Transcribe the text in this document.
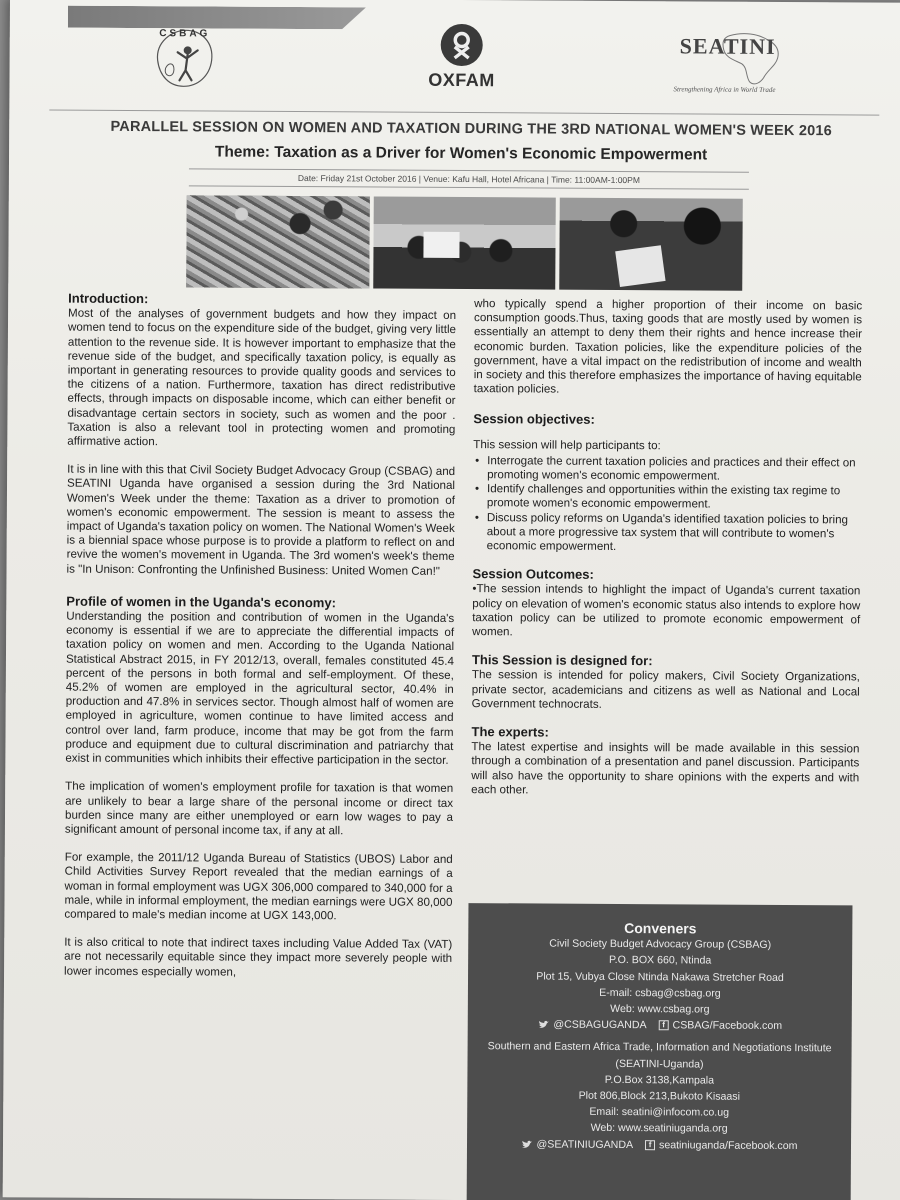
CSBAG
OXFAM
SEATINI
Strengthening Africa in World Trade
PARALLEL SESSION ON WOMEN AND TAXATION DURING THE 3RD NATIONAL WOMEN'S WEEK 2016
Theme: Taxation as a Driver for Women's Economic Empowerment
Date: Friday 21st October 2016 | Venue: Kafu Hall, Hotel Africana | Time: 11:00AM-1:00PM
Introduction:

Most of the analyses of government budgets and how they impact on women tend to focus on the expenditure side of the budget, giving very little attention to the revenue side. It is however important to emphasize that the revenue side of the budget, and specifically taxation policy, is equally as important in generating resources to provide quality goods and services to the citizens of a nation. Furthermore, taxation has direct redistributive effects, through impacts on disposable income, which can either benefit or disadvantage certain sectors in society, such as women and the poor . Taxation is also a relevant tool in protecting women and promoting affirmative action.

It is in line with this that Civil Society Budget Advocacy Group (CSBAG) and SEATINI Uganda have organised a session during the 3rd National Women's Week under the theme: Taxation as a driver to promotion of women's economic empowerment. The session is meant to assess the impact of Uganda's taxation policy on women. The National Women's Week is a biennial space whose purpose is to provide a platform to reflect on and revive the women's movement in Uganda. The 3rd women's week's theme is "In Unison: Confronting the Unfinished Business: United Women Can!"

Profile of women in the Uganda's economy:

Understanding the position and contribution of women in the Uganda's economy is essential if we are to appreciate the differential impacts of taxation policy on women and men. According to the Uganda National Statistical Abstract 2015, in FY 2012/13, overall, females constituted 45.4 percent of the persons in both formal and self-employment. Of these, 45.2% of women are employed in the agricultural sector, 40.4% in production and 47.8% in services sector. Though almost half of women are employed in agriculture, women continue to have limited access and control over land, farm produce, income that may be got from the farm produce and equipment due to cultural discrimination and patriarchy that exist in communities which inhibits their effective participation in the sector.

The implication of women's employment profile for taxation is that women are unlikely to bear a large share of the personal income or direct tax burden since many are either unemployed or earn low wages to pay a significant amount of personal income tax, if any at all.

For example, the 2011/12 Uganda Bureau of Statistics (UBOS) Labor and Child Activities Survey Report revealed that the median earnings of a woman in formal employment was UGX 306,000 compared to 340,000 for a male, while in informal employment, the median earnings were UGX 80,000 compared to male's median income at UGX 143,000.

It is also critical to note that indirect taxes including Value Added Tax (VAT) are not necessarily equitable since they impact more severely people with lower incomes especially women,

who typically spend a higher proportion of their income on basic consumption goods.Thus, taxing goods that are mostly used by women is essentially an attempt to deny them their rights and hence increase their economic burden. Taxation policies, like the expenditure policies of the government, have a vital impact on the redistribution of income and wealth in society and this therefore emphasizes the importance of having equitable taxation policies.

Session objectives:

This session will help participants to:

• Interrogate the current taxation policies and practices and their effect on promoting women's economic empowerment.
• Identify challenges and opportunities within the existing tax regime to promote women's economic empowerment.
• Discuss policy reforms on Uganda's identified taxation policies to bring about a more progressive tax system that will contribute to women's economic empowerment.
Session Outcomes:

•The session intends to highlight the impact of Uganda's current taxation policy on elevation of women's economic status also intends to explore how taxation policy can be utilized to promote economic empowerment of women.

This Session is designed for:

The session is intended for policy makers, Civil Society Organizations, private sector, academicians and citizens as well as National and Local Government technocrats.

The experts:

The latest expertise and insights will be made available in this session through a combination of a presentation and panel discussion. Participants will also have the opportunity to share opinions with the experts and with each other.

Conveners
Civil Society Budget Advocacy Group (CSBAG)
P.O. BOX 660, Ntinda
Plot 15, Vubya Close Ntinda Nakawa Stretcher Road
E-mail: csbag@csbag.org
Web: www.csbag.org
@CSBAGUGANDA	f CSBAG/Facebook.com
Southern and Eastern Africa Trade, Information and Negotiations Institute
(SEATINI-Uganda)
P.O.Box 3138,Kampala
Plot 806,Block 213,Bukoto Kisaasi
Email: seatini@infocom.co.ug
Web: www.seatiniuganda.org
@SEATINIUGANDA	f seatiniuganda/Facebook.com
